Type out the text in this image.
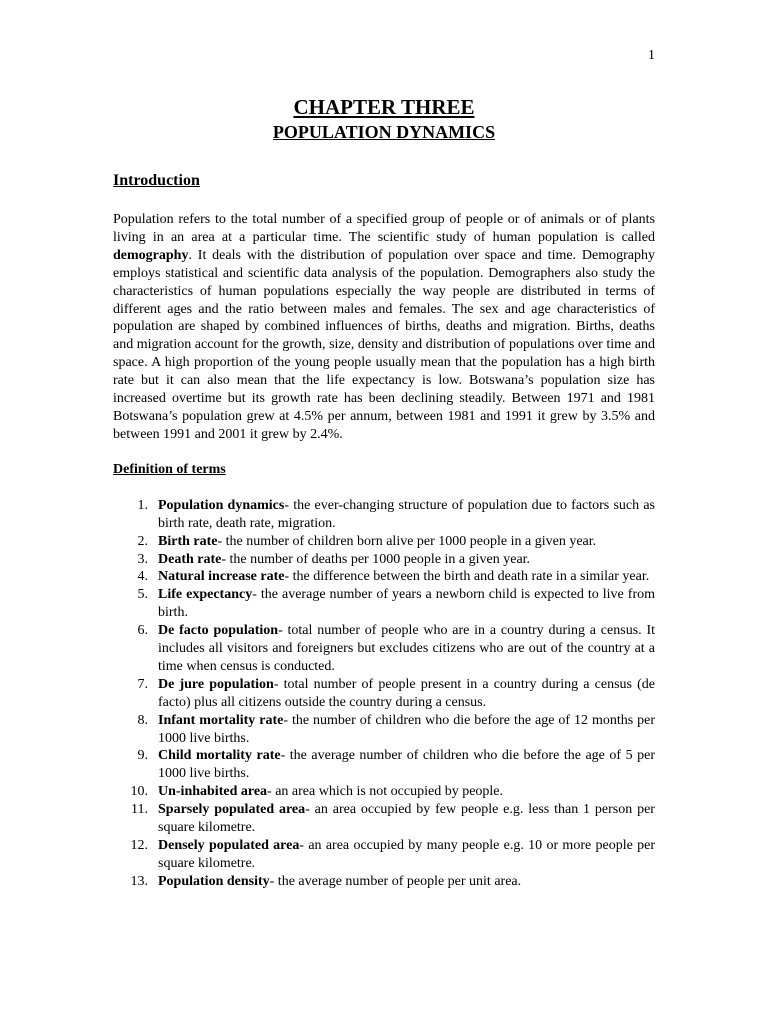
1
CHAPTER THREE
POPULATION DYNAMICS
Introduction

Population refers to the total number of a specified group of people or of animals or of plants living in an area at a particular time. The scientific study of human population is called demography. It deals with the distribution of population over space and time. Demography employs statistical and scientific data analysis of the population. Demographers also study the characteristics of human populations especially the way people are distributed in terms of different ages and the ratio between males and females. The sex and age characteristics of population are shaped by combined influences of births, deaths and migration. Births, deaths and migration account for the growth, size, density and distribution of populations over time and space. A high proportion of the young people usually mean that the population has a high birth rate but it can also mean that the life expectancy is low. Botswana’s population size has increased overtime but its growth rate has been declining steadily. Between 1971 and 1981 Botswana’s population grew at 4.5% per annum, between 1981 and 1991 it grew by 3.5% and between 1991 and 2001 it grew by 2.4%.

Definition of terms
1. Population dynamics- the ever-changing structure of population due to factors such as birth rate, death rate, migration.
2. Birth rate- the number of children born alive per 1000 people in a given year.
3. Death rate- the number of deaths per 1000 people in a given year.
4. Natural increase rate- the difference between the birth and death rate in a similar year.
5. Life expectancy- the average number of years a newborn child is expected to live from birth.
6. De facto population- total number of people who are in a country during a census. It includes all visitors and foreigners but excludes citizens who are out of the country at a time when census is conducted.
7. De jure population- total number of people present in a country during a census (de facto) plus all citizens outside the country during a census.
8. Infant mortality rate- the number of children who die before the age of 12 months per 1000 live births.
9. Child mortality rate- the average number of children who die before the age of 5 per 1000 live births.
10. Un-inhabited area- an area which is not occupied by people.
11. Sparsely populated area- an area occupied by few people e.g. less than 1 person per square kilometre.
12. Densely populated area- an area occupied by many people e.g. 10 or more people per square kilometre.
13. Population density- the average number of people per unit area.
